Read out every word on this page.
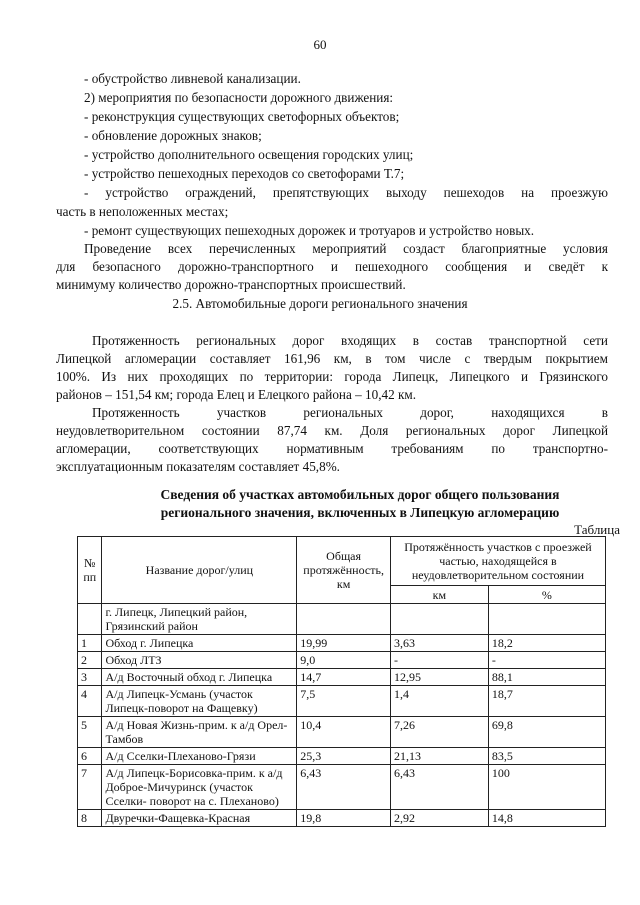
60
- обустройство ливневой канализации.
2) мероприятия по безопасности дорожного движения:
- реконструкция существующих светофорных объектов;
- обновление дорожных знаков;
- устройство дополнительного освещения городских улиц;
- устройство пешеходных переходов со светофорами Т.7;
- устройство ограждений, препятствующих выходу пешеходов на проезжую
часть в неположенных местах;
- ремонт существующих пешеходных дорожек и тротуаров и устройство новых.
Проведение всех перечисленных мероприятий создаст благоприятные условия
для безопасного дорожно-транспортного и пешеходного сообщения и сведёт к
минимуму количество дорожно-транспортных происшествий.
2.5. Автомобильные дороги регионального значения
Протяженность региональных дорог входящих в состав транспортной сети
Липецкой агломерации составляет 161,96 км, в том числе с твердым покрытием
100%. Из них проходящих по территории: города Липецк, Липецкого и Грязинского
районов – 151,54 км; города Елец и Елецкого района – 10,42 км.
Протяженность участков региональных дорог, находящихся в
неудовлетворительном состоянии 87,74 км. Доля региональных дорог Липецкой
агломерации, соответствующих нормативным требованиям по транспортно-
эксплуатационным показателям составляет 45,8%.
Сведения об участках автомобильных дорог общего пользования
регионального значения, включенных в Липецкую агломерацию
Таблица
№ пп	Название дорог/улиц	Общая протяжённость, км	Протяжённость участков с проезжей частью, находящейся в неудовлетворительном состоянии	
			км	%
	г. Липецк, Липецкий район, Грязинский район			
1	Обход г. Липецка	19,99	3,63	18,2
2	Обход ЛТЗ	9,0	-	-
3	А/д Восточный обход г. Липецка	14,7	12,95	88,1
4	А/д Липецк-Усмань (участок Липецк-поворот на Фащевку)	7,5	1,4	18,7
5	А/д Новая Жизнь-прим. к а/д Орел-Тамбов	10,4	7,26	69,8
6	А/д Сселки-Плеханово-Грязи	25,3	21,13	83,5
7	А/д Липецк-Борисовка-прим. к а/д Доброе-Мичуринск (участок Сселки- поворот на с. Плеханово)	6,43	6,43	100
8	Двуречки-Фащевка-Красная	19,8	2,92	14,8
